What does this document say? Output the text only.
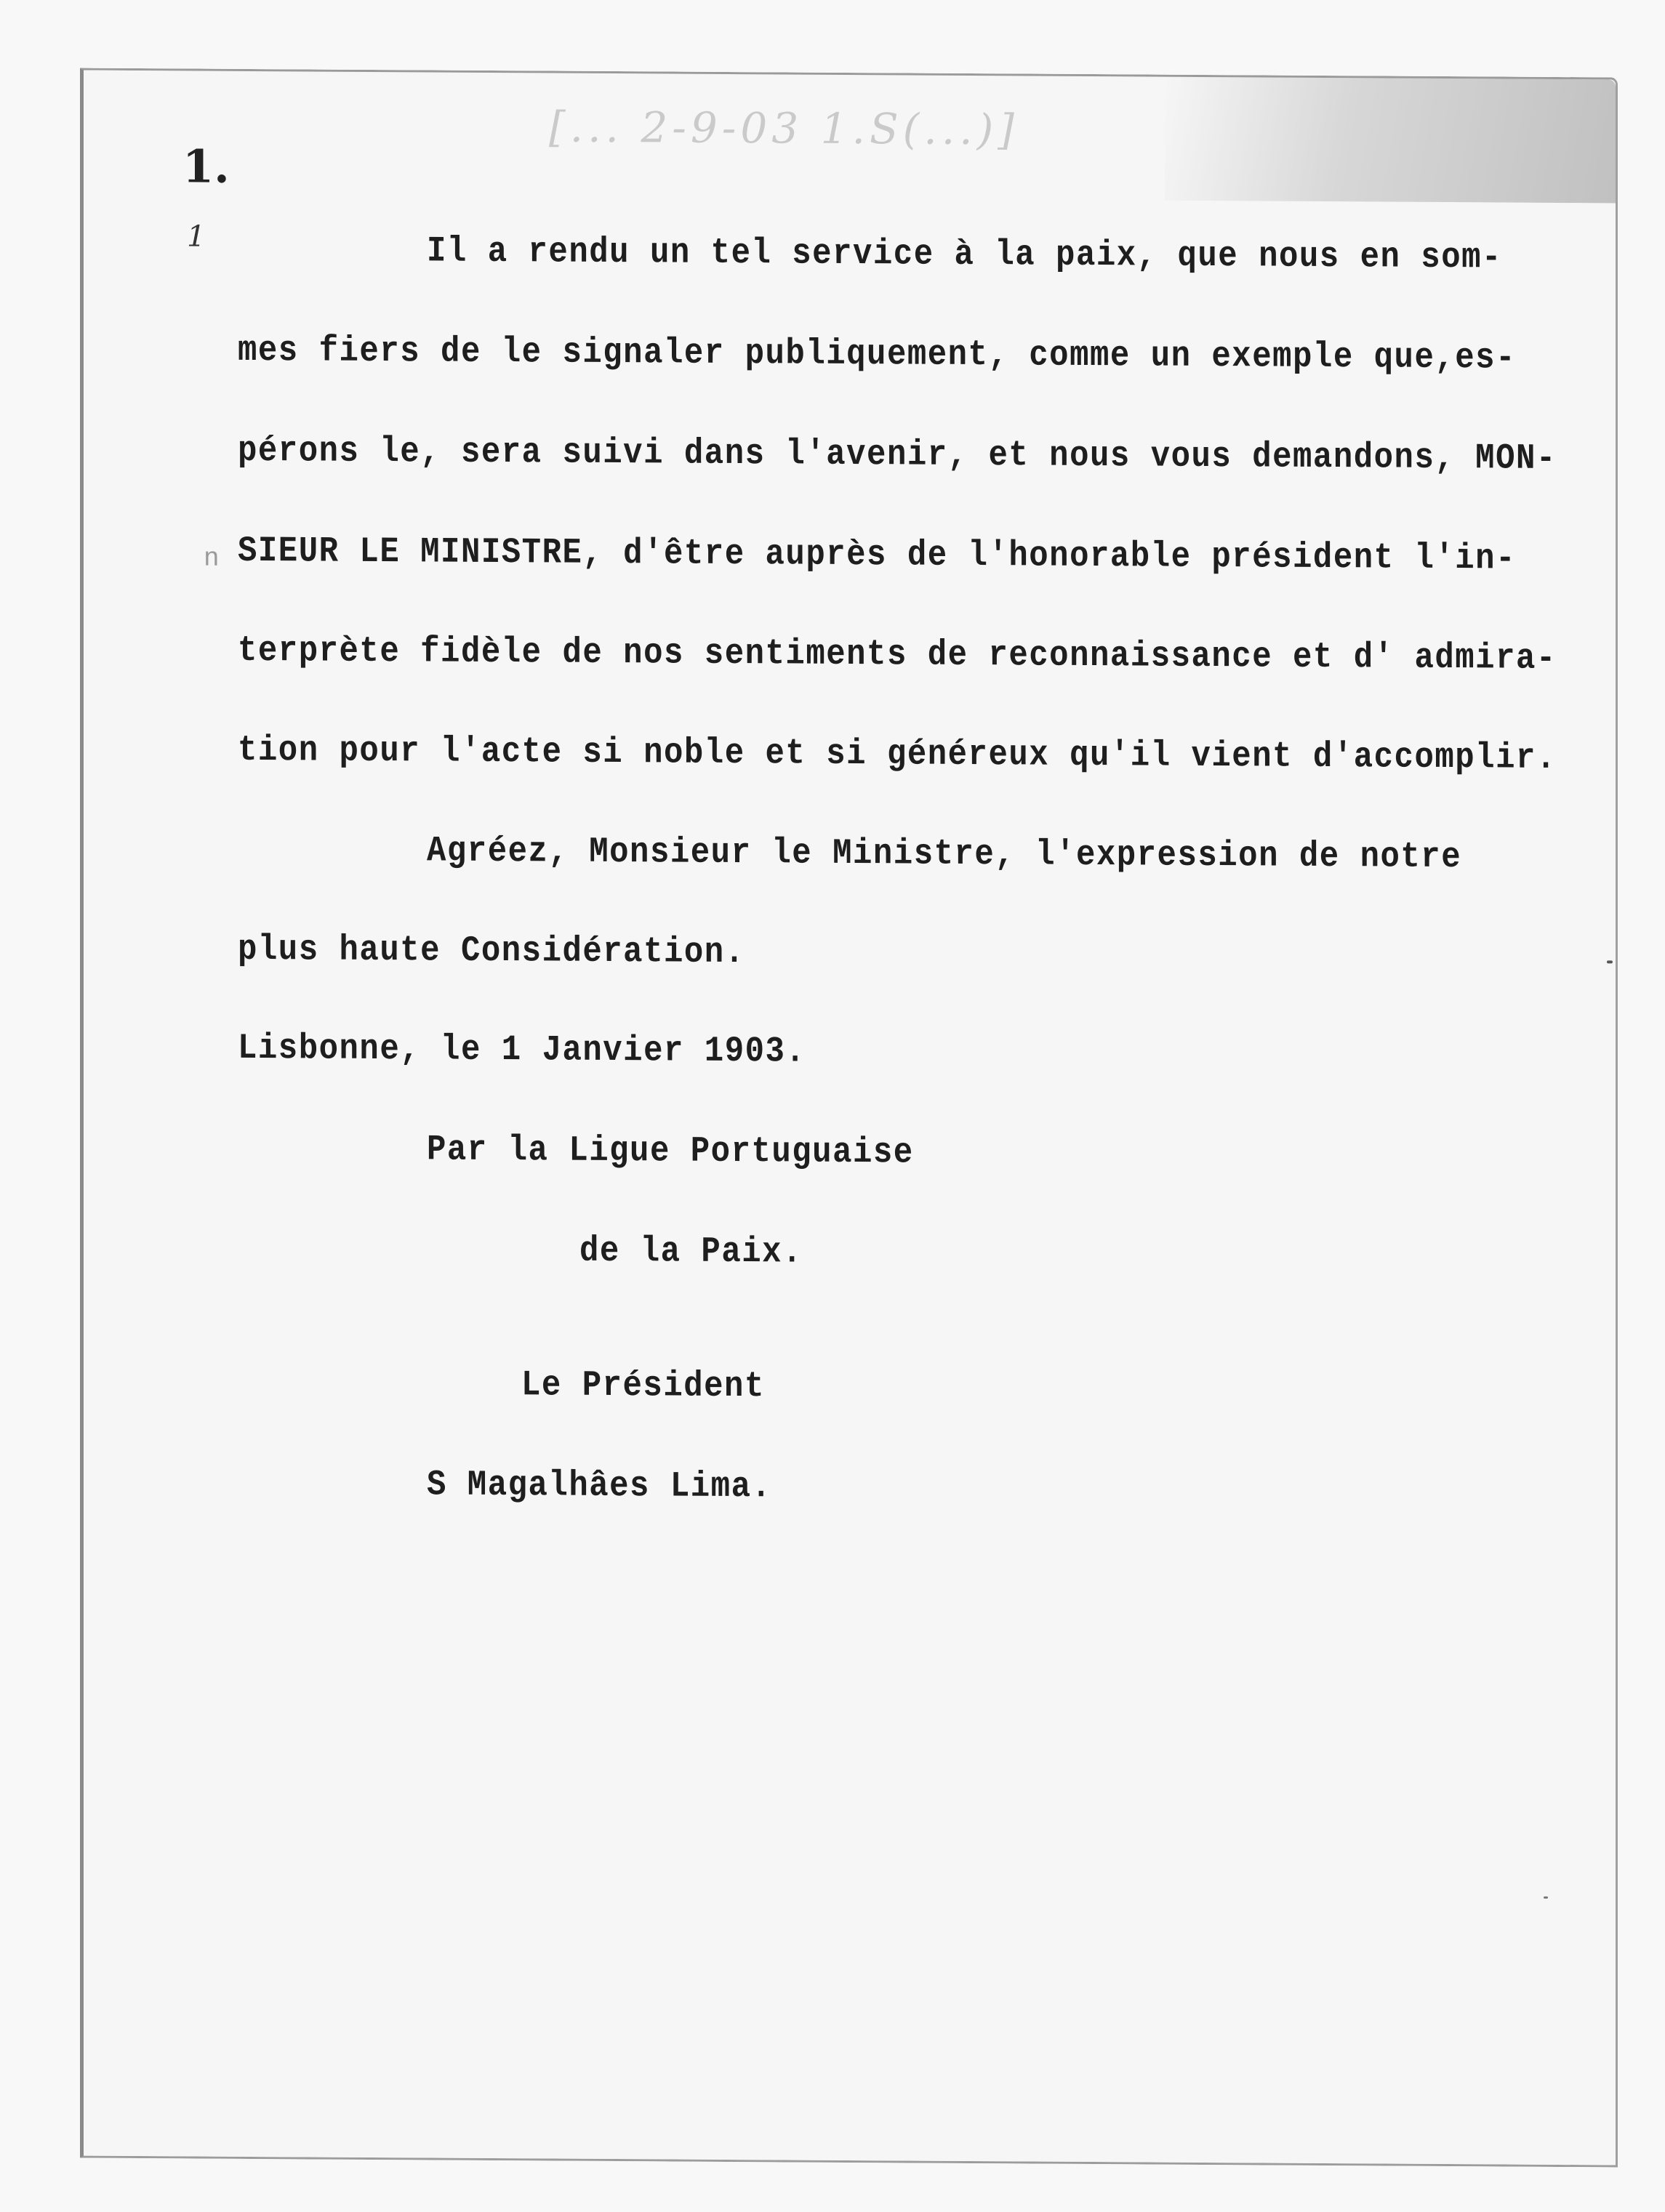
[... 2-9-03 1.S(...)]
1.
1
n
Il a rendu un tel service à la paix, que nous en som-
mes fiers de le signaler publiquement, comme un exemple que,es-
pérons le, sera suivi dans l'avenir, et nous vous demandons, MON-
SIEUR LE MINISTRE, d'être auprès de l'honorable président l'in-
terprète fidèle de nos sentiments de reconnaissance et d' admira-
tion pour l'acte si noble et si généreux qu'il vient d'accomplir.
Agréez, Monsieur le Ministre, l'expression de notre
plus haute Considération.
Lisbonne, le 1 Janvier 1903.
Par la Ligue Portuguaise
de la Paix.
Le Président
S Magalhâes Lima.
